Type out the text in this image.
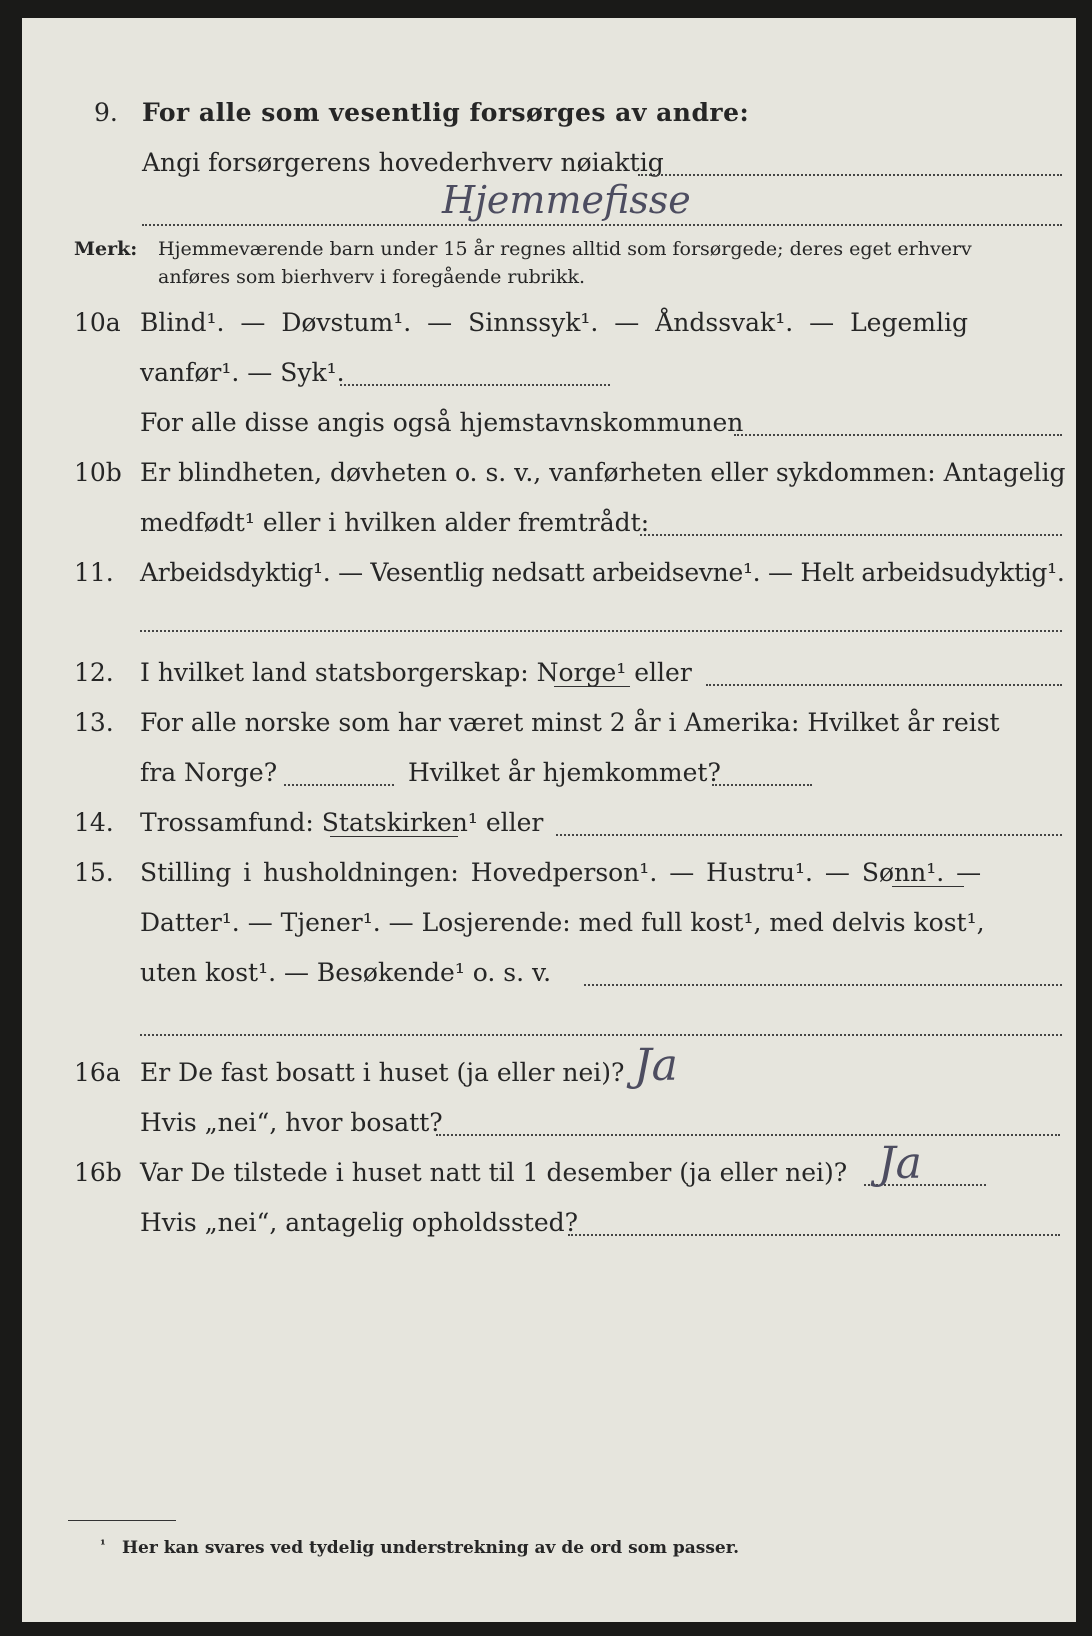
9. For alle som vesentlig forsørges av andre:
Angi forsørgerens hovederhverv nøiaktig
Hjemmefisse
Merk: Hjemmeværende barn under 15 år regnes alltid som forsørgede; deres eget erhverv
anføres som bierhverv i foregående rubrikk.
10a Blind¹. — Døvstum¹. — Sinnssyk¹. — Åndssvak¹. — Legemlig
vanfør¹. — Syk¹.
For alle disse angis også hjemstavnskommunen
10b Er blindheten, døvheten o. s. v., vanførheten eller sykdommen: Antagelig
medfødt¹ eller i hvilken alder fremtrådt:
11. Arbeidsdyktig¹. — Vesentlig nedsatt arbeidsevne¹. — Helt arbeidsudyktig¹.
12. I hvilket land statsborgerskap: Norge¹ eller
13. For alle norske som har været minst 2 år i Amerika: Hvilket år reist
fra Norge?	Hvilket år hjemkommet?
14. Trossamfund: Statskirken¹ eller
15. Stilling i husholdningen: Hovedperson¹. — Hustru¹. — Sønn¹. —
Datter¹. — Tjener¹. — Losjerende: med full kost¹, med delvis kost¹,
uten kost¹. — Besøkende¹ o. s. v.
16a Er De fast bosatt i huset (ja eller nei)? Ja
Hvis „nei“, hvor bosatt?
16b Var De tilstede i huset natt til 1 desember (ja eller nei)? Ja
Hvis „nei“, antagelig opholdssted?
¹ Her kan svares ved tydelig understrekning av de ord som passer.
